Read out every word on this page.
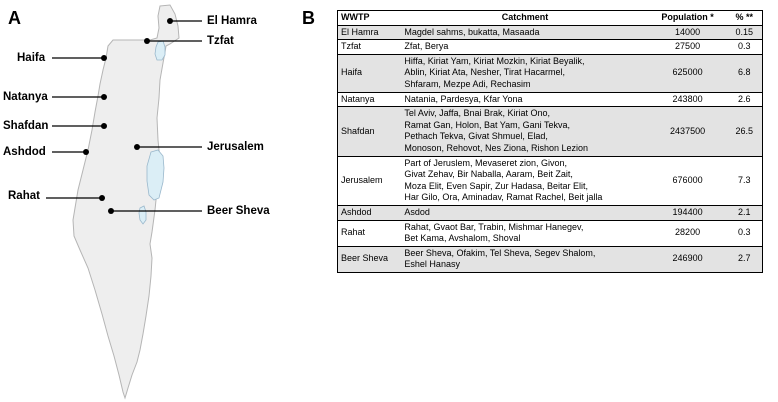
A	B
El Hamra
Tzfat
Haifa
Natanya
Shafdan
Jerusalem
Ashdod
Rahat
Beer Sheva
WWTP	Catchment	Population *	% **
El Hamra	Magdel sahms, bukatta, Masaada	14000	0.15
Tzfat	Zfat, Berya	27500	0.3
Haifa	Hiffa, Kiriat Yam, Kiriat Mozkin, Kiriat Beyalik,
Ablin, Kiriat Ata, Nesher, Tirat Hacarmel,
Shfaram, Mezpe Adi, Rechasim	625000	6.8
Natanya	Natania, Pardesya, Kfar Yona	243800	2.6
Shafdan	Tel Aviv, Jaffa, Bnai Brak, Kiriat Ono,
Ramat Gan, Holon, Bat Yam, Gani Tekva,
Pethach Tekva, Givat Shmuel, Elad,
Monoson, Rehovot, Nes Ziona, Rishon Lezion	2437500	26.5
Jerusalem	Part of Jeruslem, Mevaseret zion, Givon,
Givat Zehav, Bir Naballa, Aaram, Beit Zait,
Moza Elit, Even Sapir, Zur Hadasa, Beitar Elit,
Har Gilo, Ora, Aminadav, Ramat Rachel, Beit jalla	676000	7.3
Ashdod	Asdod	194400	2.1
Rahat	Rahat, Gvaot Bar, Trabin, Mishmar Hanegev,
Bet Kama, Avshalom, Shoval	28200	0.3
Beer Sheva	Beer Sheva, Ofakim, Tel Sheva, Segev Shalom,
Eshel Hanasy	246900	2.7
